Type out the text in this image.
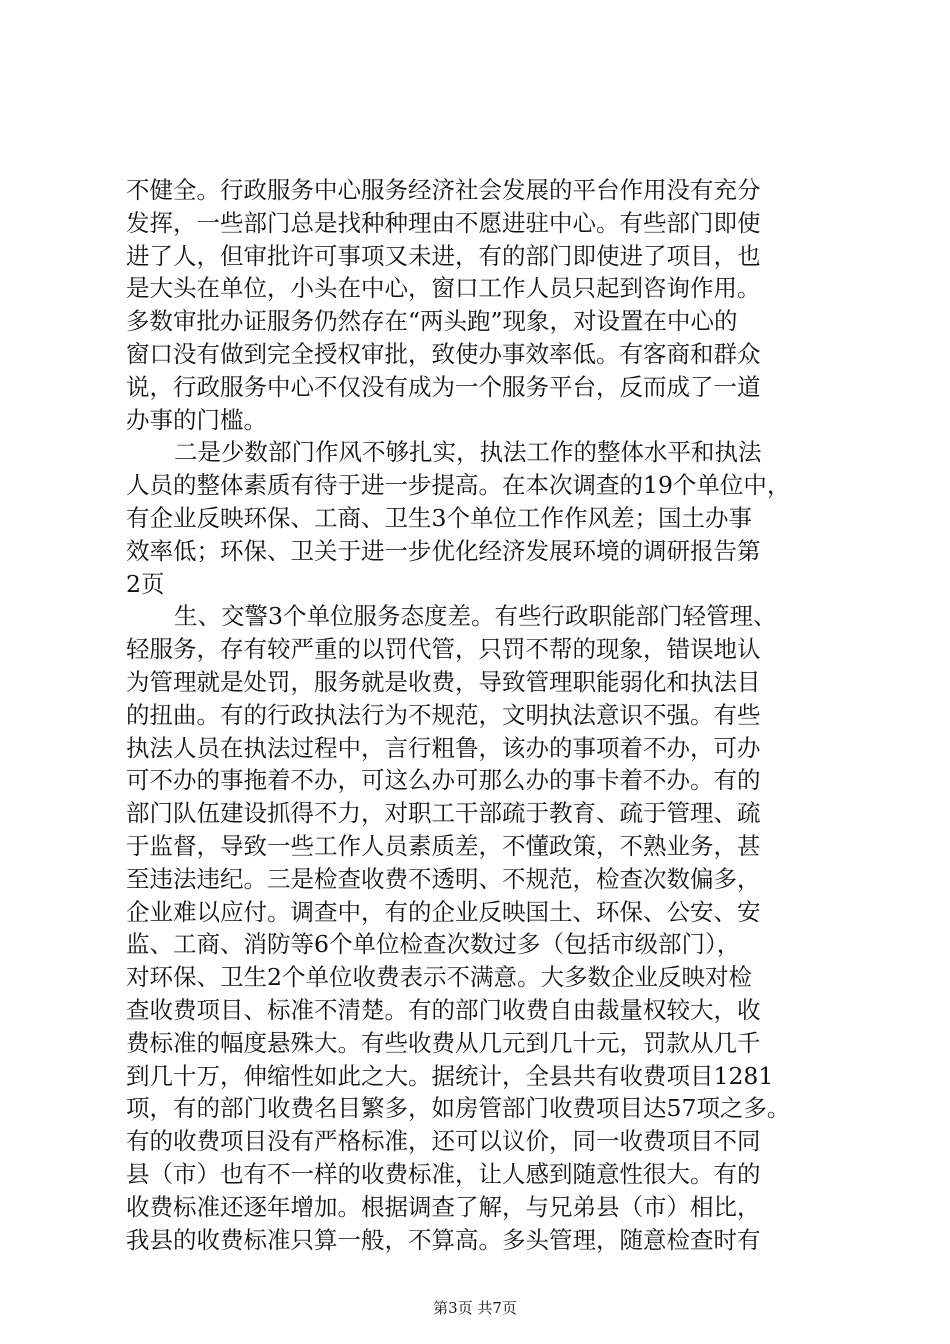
不健全。行政服务中心服务经济社会发展的平台作用没有充分
发挥，一些部门总是找种种理由不愿进驻中心。有些部门即使
进了人，但审批许可事项又未进，有的部门即使进了项目，也
是大头在单位，小头在中心，窗口工作人员只起到咨询作用。
多数审批办证服务仍然存在“两头跑”现象，对设置在中心的
窗口没有做到完全授权审批，致使办事效率低。有客商和群众
说，行政服务中心不仅没有成为一个服务平台，反而成了一道
办事的门槛。
二是少数部门作风不够扎实，执法工作的整体水平和执法
人员的整体素质有待于进一步提高。在本次调查的19个单位中，
有企业反映环保、工商、卫生3个单位工作作风差；国土办事
效率低；环保、卫关于进一步优化经济发展环境的调研报告第
2页
生、交警3个单位服务态度差。有些行政职能部门轻管理、
轻服务，存有较严重的以罚代管，只罚不帮的现象，错误地认
为管理就是处罚，服务就是收费，导致管理职能弱化和执法目
的扭曲。有的行政执法行为不规范，文明执法意识不强。有些
执法人员在执法过程中，言行粗鲁，该办的事项着不办，可办
可不办的事拖着不办，可这么办可那么办的事卡着不办。有的
部门队伍建设抓得不力，对职工干部疏于教育、疏于管理、疏
于监督，导致一些工作人员素质差，不懂政策，不熟业务，甚
至违法违纪。三是检查收费不透明、不规范，检查次数偏多，
企业难以应付。调查中，有的企业反映国土、环保、公安、安
监、工商、消防等6个单位检查次数过多（包括市级部门），
对环保、卫生2个单位收费表示不满意。大多数企业反映对检
查收费项目、标准不清楚。有的部门收费自由裁量权较大，收
费标准的幅度悬殊大。有些收费从几元到几十元，罚款从几千
到几十万，伸缩性如此之大。据统计，全县共有收费项目1281
项，有的部门收费名目繁多，如房管部门收费项目达57项之多。
有的收费项目没有严格标准，还可以议价，同一收费项目不同
县（市）也有不一样的收费标准，让人感到随意性很大。有的
收费标准还逐年增加。根据调查了解，与兄弟县（市）相比，
我县的收费标准只算一般，不算高。多头管理，随意检查时有
第3页 共7页
